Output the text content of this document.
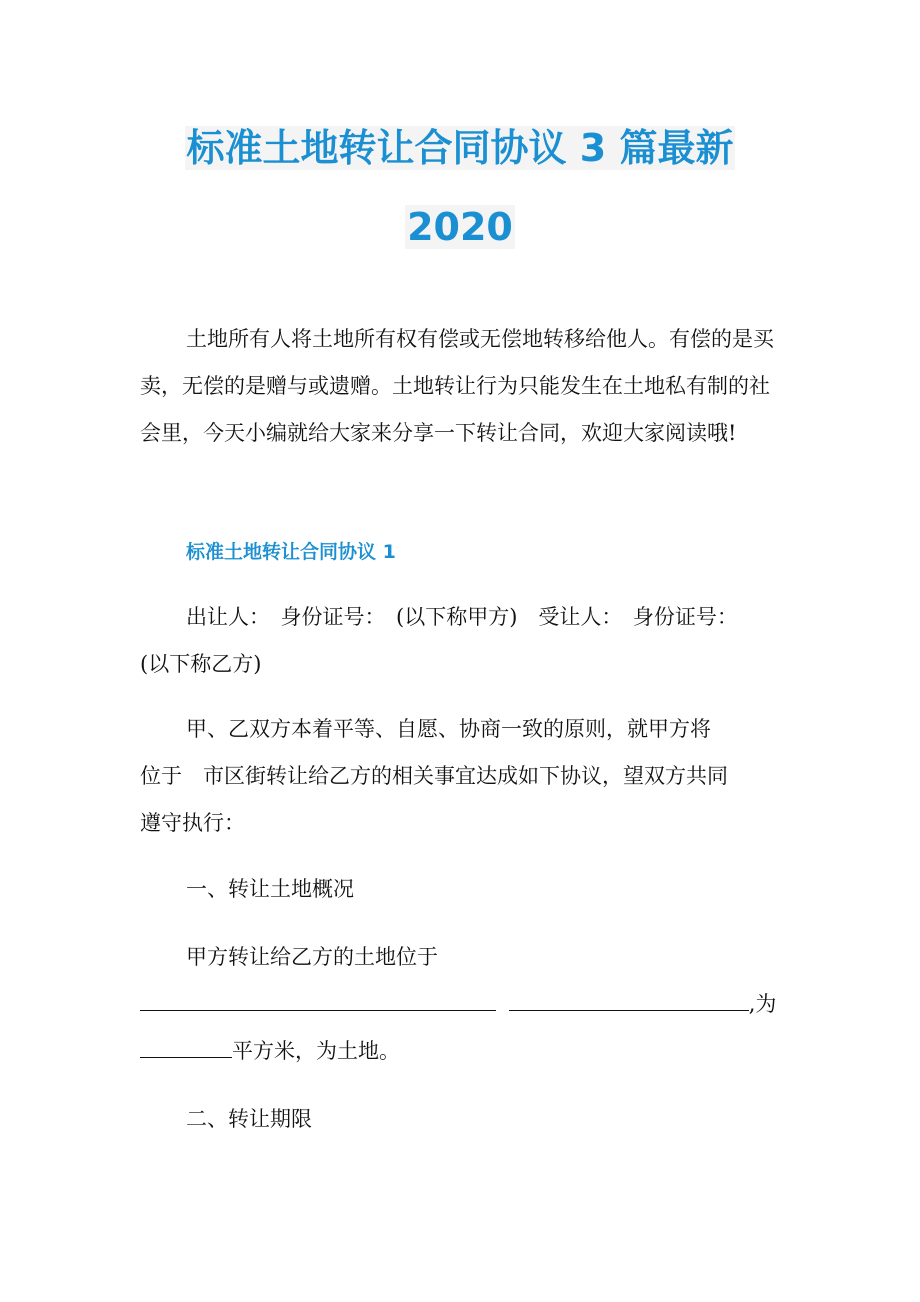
标准土地转让合同协议 3 篇最新
2020
土地所有人将土地所有权有偿或无偿地转移给他人。有偿的是买卖，无偿的是赠与或遗赠。土地转让行为只能发生在土地私有制的社会里，今天小编就给大家来分享一下转让合同，欢迎大家阅读哦!
标准土地转让合同协议 1
出让人：　身份证号：　(以下称甲方)　受让人：　身份证号：
(以下称乙方)
甲、乙双方本着平等、自愿、协商一致的原则，就甲方将
位于　市区街转让给乙方的相关事宜达成如下协议，望双方共同
遵守执行：
一、转让土地概况
甲方转让给乙方的土地位于
,为
平方米，为土地。
二、转让期限
